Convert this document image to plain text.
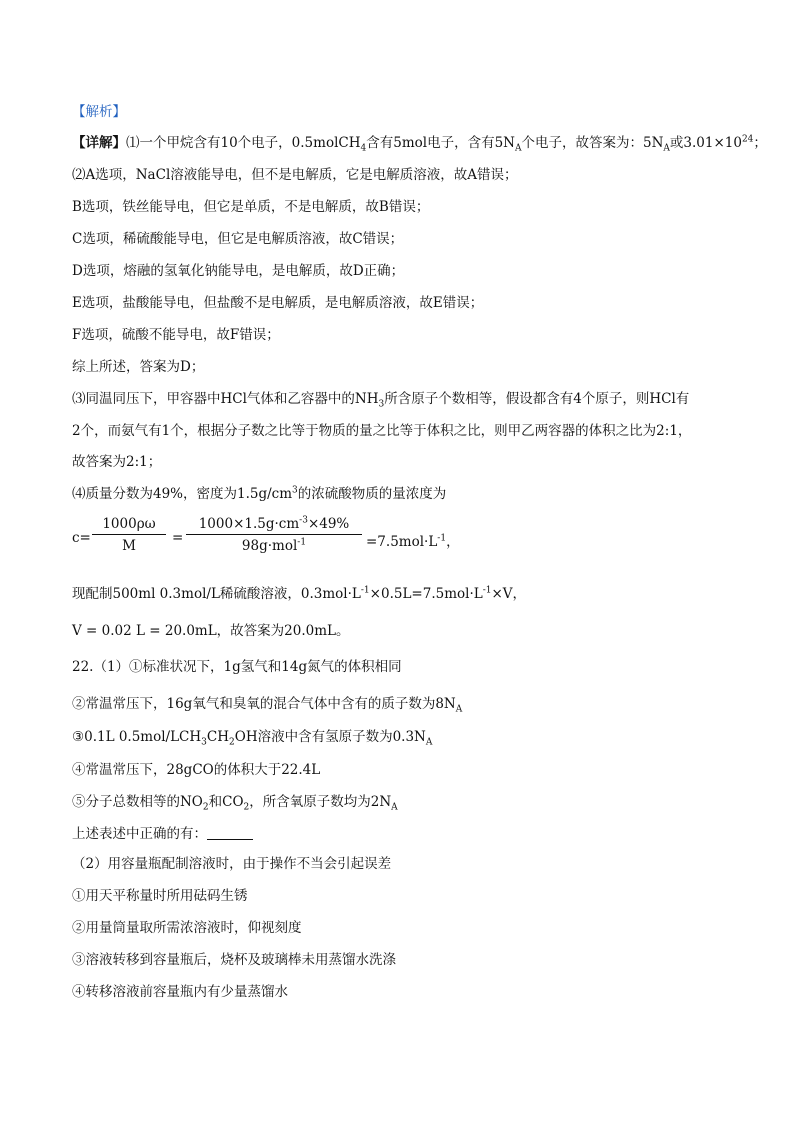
【解析】
【详解】⑴一个甲烷含有10个电子，0.5molCH$_4$含有5mol电子，含有$5N_A$个电子，故答案为：$5N_A$或$3.01\times 10^{24}$；
⑵A选项，NaCl溶液能导电，但不是电解质，它是电解质溶液，故A错误；
B选项，铁丝能导电，但它是单质，不是电解质，故B错误；
C选项，稀硫酸能导电，但它是电解质溶液，故C错误；
D选项，熔融的氢氧化钠能导电，是电解质，故D正确；
E选项，盐酸能导电，但盐酸不是电解质，是电解质溶液，故E错误；
F选项，硫酸不能导电，故F错误；
综上所述，答案为D；
⑶同温同压下，甲容器中HCl气体和乙容器中的$NH_3$所含原子个数相等，假设都含有4个原子，则HCl有
2个，而氨气有1个，根据分子数之比等于物质的量之比等于体积之比，则甲乙两容器的体积之比为2:1，
故答案为2:1；
⑷质量分数为49%，密度为$1.5g/cm^3$的浓硫酸物质的量浓度为
$c= \frac{1000\rho\omega}{M}$ =
$1000\times 1.5g\cdot cm^{-3}\times 49\%$
98g·mol$^{-1}$	$=7.5mol\cdot L^{-1}$，
现配制500ml 0.3mol/L稀硫酸溶液，$0.3mol\cdot L^{-1}\times 0.5L=7.5mol\cdot L^{-1}\times V$，
V = 0.02 L = 20.0mL，故答案为20.0mL。
22.（1）①标准状况下，1g氢气和14g氮气的体积相同
②常温常压下，16g氧气和臭氧的混合气体中含有的质子数为$8N_A$
③0.1L $0.5mol/LCH_3CH_2OH$溶液中含有氢原子数为$0.3N_A$
④常温常压下，28gCO的体积大于22.4L
⑤分子总数相等的$NO_2$和$CO_2$，所含氧原子数均为$2N_A$
上述表述中正确的有：
（2）用容量瓶配制溶液时，由于操作不当会引起误差
①用天平称量时所用砝码生锈
②用量筒量取所需浓溶液时，仰视刻度
③溶液转移到容量瓶后，烧杯及玻璃棒未用蒸馏水洗涤
④转移溶液前容量瓶内有少量蒸馏水
